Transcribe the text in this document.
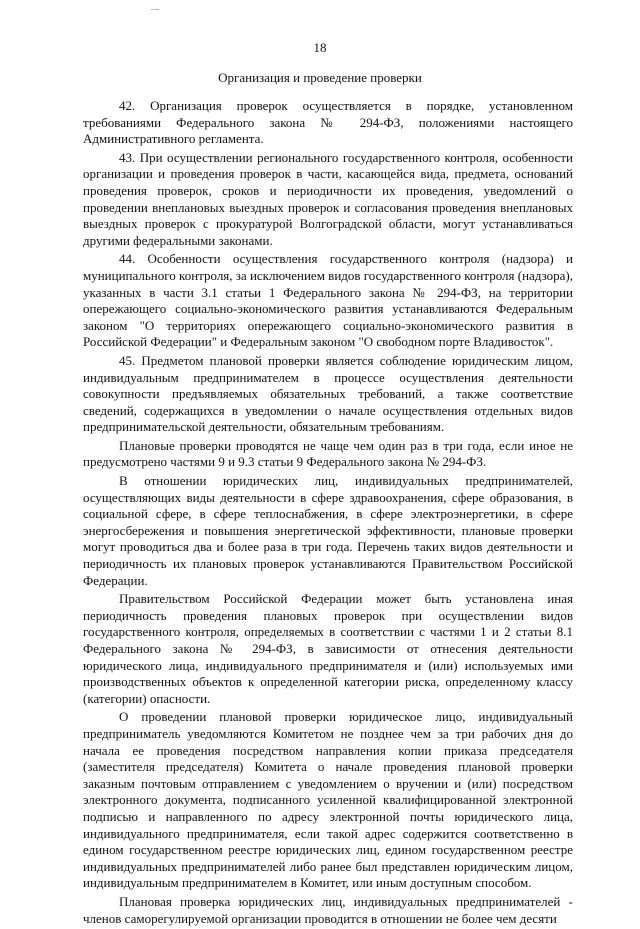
18
Организация и проведение проверки

42. Организация проверок осуществляется в порядке, установленном требованиями Федерального закона № 294-ФЗ, положениями настоящего Административного регламента.

43. При осуществлении регионального государственного контроля, особенности организации и проведения проверок в части, касающейся вида, предмета, оснований проведения проверок, сроков и периодичности их проведения, уведомлений о проведении внеплановых выездных проверок и согласования проведения внеплановых выездных проверок с прокуратурой Волгоградской области, могут устанавливаться другими федеральными законами.

44. Особенности осуществления государственного контроля (надзора) и муниципального контроля, за исключением видов государственного контроля (надзора), указанных в части 3.1 статьи 1 Федерального закона № 294-ФЗ, на территории опережающего социально-экономического развития устанавливаются Федеральным законом "О территориях опережающего социально-экономического развития в Российской Федерации" и Федеральным законом "О свободном порте Владивосток".

45. Предметом плановой проверки является соблюдение юридическим лицом, индивидуальным предпринимателем в процессе осуществления деятельности совокупности предъявляемых обязательных требований, а также соответствие сведений, содержащихся в уведомлении о начале осуществления отдельных видов предпринимательской деятельности, обязательным требованиям.

Плановые проверки проводятся не чаще чем один раз в три года, если иное не предусмотрено частями 9 и 9.3 статьи 9 Федерального закона № 294-ФЗ.

В отношении юридических лиц, индивидуальных предпринимателей, осуществляющих виды деятельности в сфере здравоохранения, сфере образования, в социальной сфере, в сфере теплоснабжения, в сфере электроэнергетики, в сфере энергосбережения и повышения энергетической эффективности, плановые проверки могут проводиться два и более раза в три года. Перечень таких видов деятельности и периодичность их плановых проверок устанавливаются Правительством Российской Федерации.

Правительством Российской Федерации может быть установлена иная периодичность проведения плановых проверок при осуществлении видов государственного контроля, определяемых в соответствии с частями 1 и 2 статьи 8.1 Федерального закона № 294-ФЗ, в зависимости от отнесения деятельности юридического лица, индивидуального предпринимателя и (или) используемых ими производственных объектов к определенной категории риска, определенному классу (категории) опасности.

О проведении плановой проверки юридическое лицо, индивидуальный предприниматель уведомляются Комитетом не позднее чем за три рабочих дня до начала ее проведения посредством направления копии приказа председателя (заместителя председателя) Комитета о начале проведения плановой проверки заказным почтовым отправлением с уведомлением о вручении и (или) посредством электронного документа, подписанного усиленной квалифицированной электронной подписью и направленного по адресу электронной почты юридического лица, индивидуального предпринимателя, если такой адрес содержится соответственно в едином государственном реестре юридических лиц, едином государственном реестре индивидуальных предпринимателей либо ранее был представлен юридическим лицом, индивидуальным предпринимателем в Комитет, или иным доступным способом.

Плановая проверка юридических лиц, индивидуальных предпринимателей - членов саморегулируемой организации проводится в отношении не более чем десяти
